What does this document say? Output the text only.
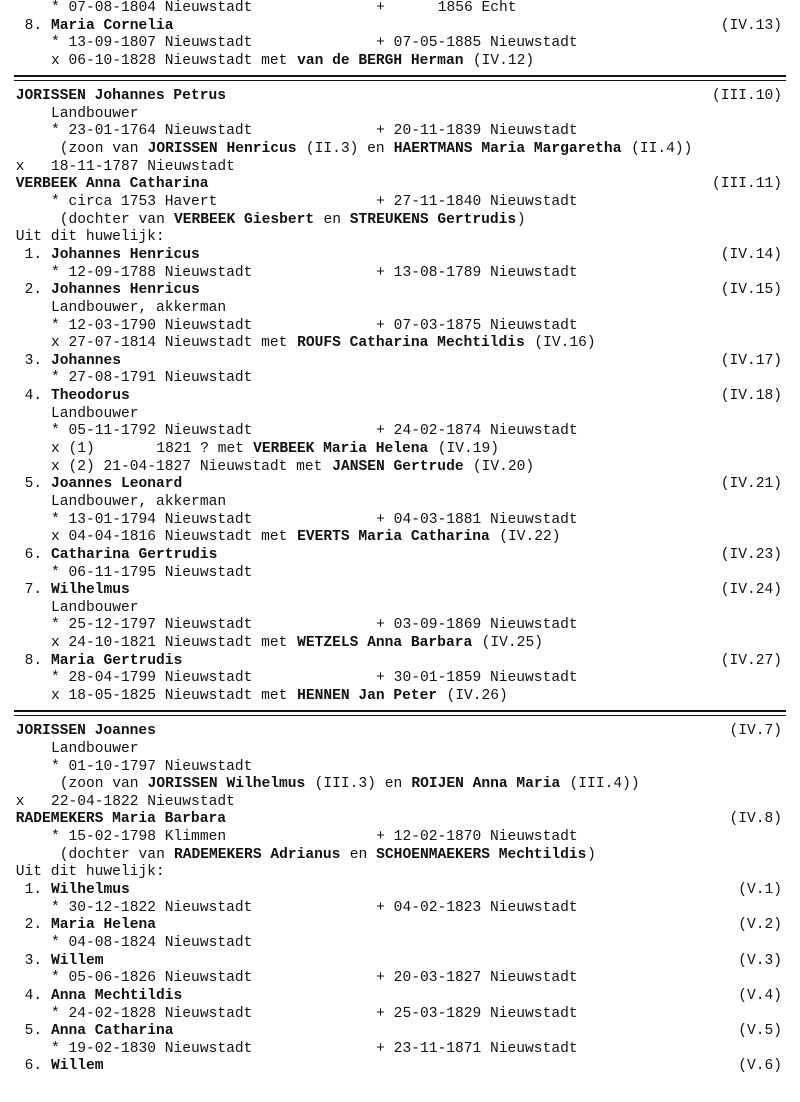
* 07-08-1804 Nieuwstadt	+	1856 Echt
8. Maria Cornelia	(IV.13)
* 13-09-1807 Nieuwstadt	+ 07-05-1885 Nieuwstadt
x 06-10-1828 Nieuwstadt met van de BERGH Herman (IV.12)
JORISSEN Johannes Petrus	(III.10)
Landbouwer
* 23-01-1764 Nieuwstadt	+ 20-11-1839 Nieuwstadt
(zoon van JORISSEN Henricus (II.3) en HAERTMANS Maria Margaretha (II.4))
x 18-11-1787 Nieuwstadt
VERBEEK Anna Catharina	(III.11)
* circa 1753 Havert	+ 27-11-1840 Nieuwstadt
(dochter van VERBEEK Giesbert en STREUKENS Gertrudis )
Uit dit huwelijk:
1. Johannes Henricus	(IV.14)
* 12-09-1788 Nieuwstadt	+ 13-08-1789 Nieuwstadt
2. Johannes Henricus	(IV.15)
Landbouwer, akkerman
* 12-03-1790 Nieuwstadt	+ 07-03-1875 Nieuwstadt
x 27-07-1814 Nieuwstadt met ROUFS Catharina Mechtildis (IV.16)
3. Johannes	(IV.17)
* 27-08-1791 Nieuwstadt
4. Theodorus	(IV.18)
Landbouwer
* 05-11-1792 Nieuwstadt	+ 24-02-1874 Nieuwstadt
x (1)	1821 ? met VERBEEK Maria Helena (IV.19)
x (2) 21-04-1827 Nieuwstadt met JANSEN Gertrude (IV.20)
5. Joannes Leonard	(IV.21)
Landbouwer, akkerman
* 13-01-1794 Nieuwstadt	+ 04-03-1881 Nieuwstadt
x 04-04-1816 Nieuwstadt met EVERTS Maria Catharina (IV.22)
6. Catharina Gertrudis	(IV.23)
* 06-11-1795 Nieuwstadt
7. Wilhelmus	(IV.24)
Landbouwer
* 25-12-1797 Nieuwstadt	+ 03-09-1869 Nieuwstadt
x 24-10-1821 Nieuwstadt met WETZELS Anna Barbara (IV.25)
8. Maria Gertrudis	(IV.27)
* 28-04-1799 Nieuwstadt	+ 30-01-1859 Nieuwstadt
x 18-05-1825 Nieuwstadt met HENNEN Jan Peter (IV.26)
JORISSEN Joannes	(IV.7)
Landbouwer
* 01-10-1797 Nieuwstadt
(zoon van JORISSEN Wilhelmus (III.3) en ROIJEN Anna Maria (III.4))
x 22-04-1822 Nieuwstadt
RADEMEKERS Maria Barbara	(IV.8)
* 15-02-1798 Klimmen	+ 12-02-1870 Nieuwstadt
(dochter van RADEMEKERS Adrianus en SCHOENMAEKERS Mechtildis )
Uit dit huwelijk:
1. Wilhelmus	(V.1)
* 30-12-1822 Nieuwstadt	+ 04-02-1823 Nieuwstadt
2. Maria Helena	(V.2)
* 04-08-1824 Nieuwstadt
3. Willem	(V.3)
* 05-06-1826 Nieuwstadt	+ 20-03-1827 Nieuwstadt
4. Anna Mechtildis	(V.4)
* 24-02-1828 Nieuwstadt	+ 25-03-1829 Nieuwstadt
5. Anna Catharina	(V.5)
* 19-02-1830 Nieuwstadt	+ 23-11-1871 Nieuwstadt
6. Willem	(V.6)
